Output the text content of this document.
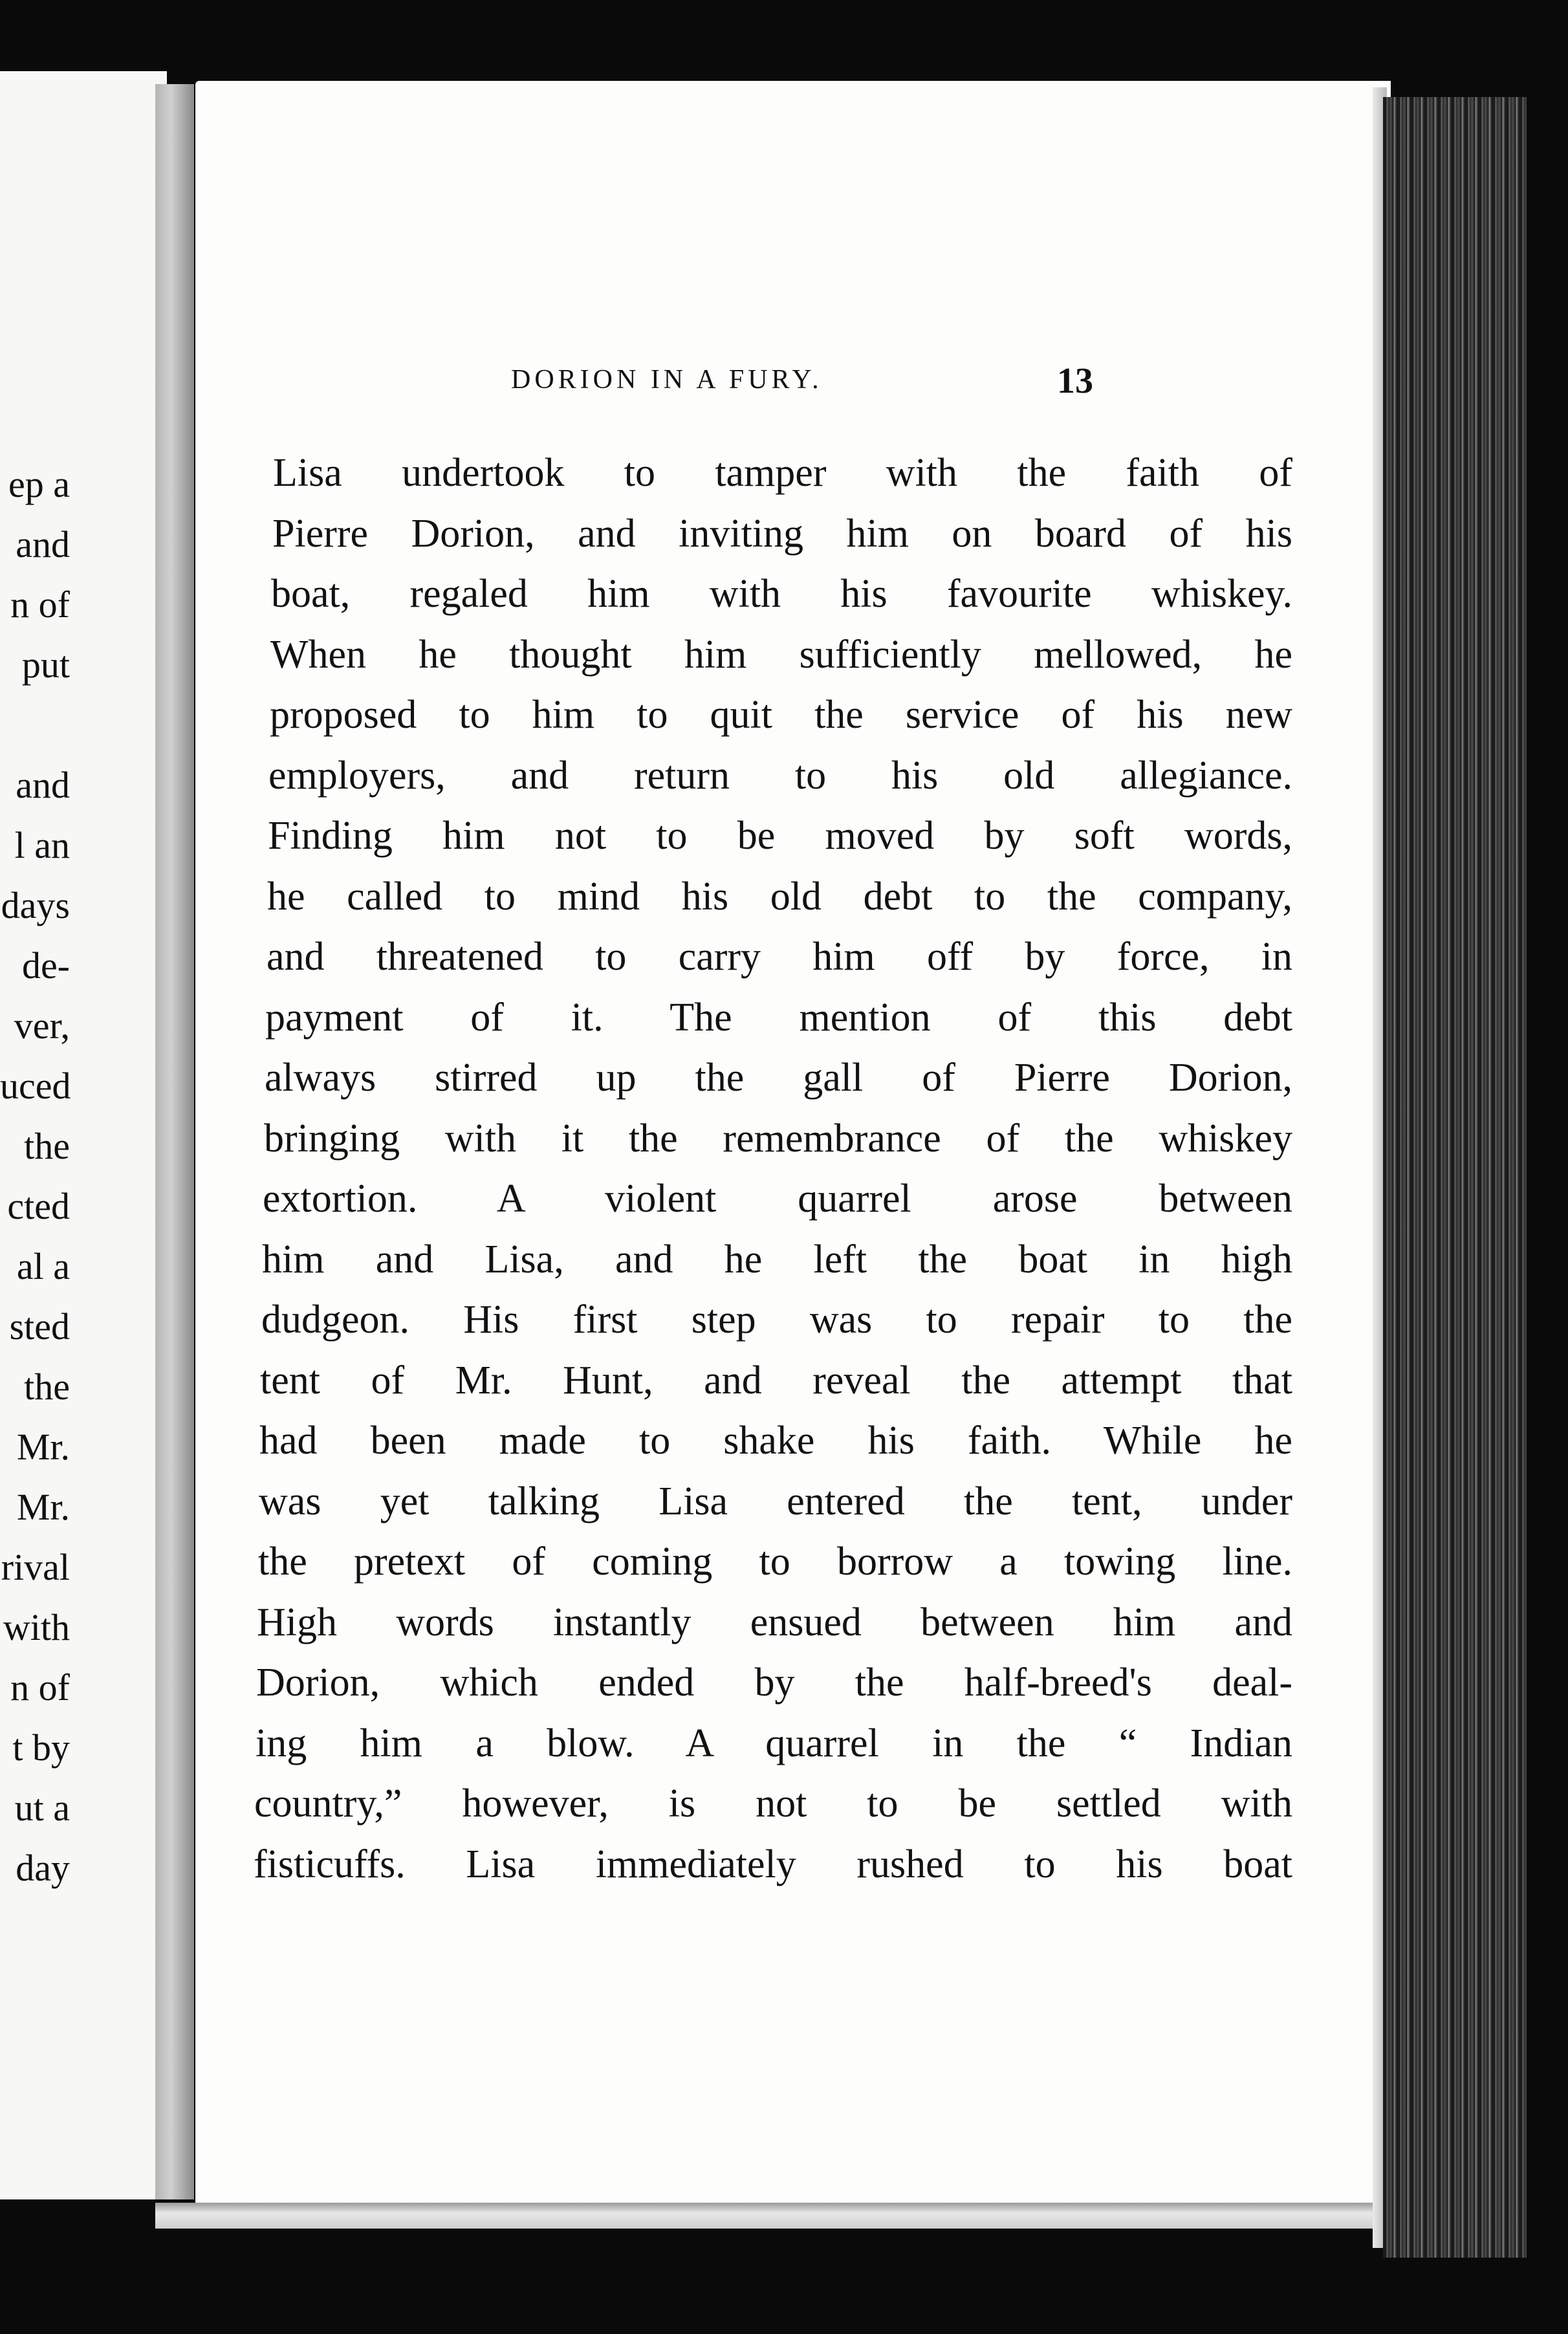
ep a
and
n of
put
and
l an
days
de-
ver,
uced
the
cted
al a
sted
the
Mr.
Mr.
rival
with
n of
t by
ut a
day
DORION IN A FURY.	13
Lisa undertook to tamper with the faith of
Pierre Dorion, and inviting him on board of his
boat, regaled him with his favourite whiskey.
When he thought him sufficiently mellowed, he
proposed to him to quit the service of his new
employers, and return to his old allegiance.
Finding him not to be moved by soft words,
he called to mind his old debt to the company,
and threatened to carry him off by force, in
payment of it. The mention of this debt
always stirred up the gall of Pierre Dorion,
bringing with it the remembrance of the whiskey
extortion. A violent quarrel arose between
him and Lisa, and he left the boat in high
dudgeon. His first step was to repair to the
tent of Mr. Hunt, and reveal the attempt that
had been made to shake his faith. While he
was yet talking Lisa entered the tent, under
the pretext of coming to borrow a towing line.
High words instantly ensued between him and
Dorion, which ended by the half-breed's deal-
ing him a blow. A quarrel in the “ Indian
country,” however, is not to be settled with
fisticuffs. Lisa immediately rushed to his boat
